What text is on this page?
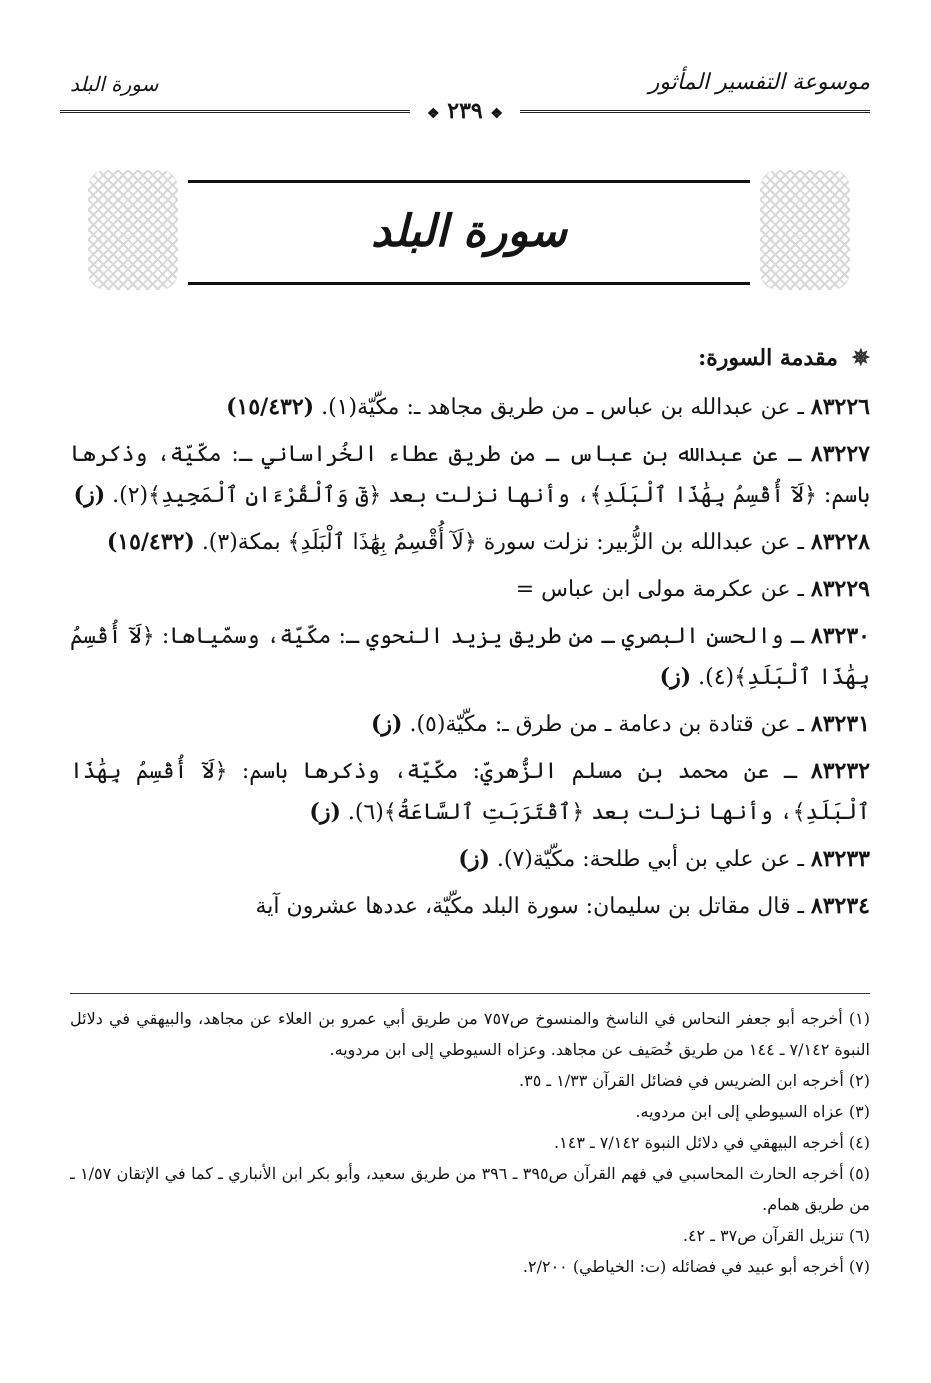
موسوعة التفسير المأثور
سورة البلد
❖ ٢٣٩ ❖
سورة البلد
✵ مقدمة السورة:

٨٣٢٢٦ ـ عن عبدالله بن عباس ـ من طريق مجاهد ـ: مكّيّة(١). (١٥/٤٣٢)

٨٣٢٢٧ ـ عن عبدالله بن عباس ـ من طريق عطاء الخُراساني ـ: مكّيّة، وذكرها باسم: ﴿لَآ أُقْسِمُ بِهَٰذَا ٱلْبَلَدِ﴾، وأنها نزلت بعد ﴿قٓ وَٱلْقُرْءَانِ ٱلْمَجِيدِ﴾(٢). (ز)

٨٣٢٢٨ ـ عن عبدالله بن الزُّبير: نزلت سورة ﴿لَآ أُقْسِمُ بِهَٰذَا ٱلْبَلَدِ﴾ بمكة(٣). (١٥/٤٣٢)

٨٣٢٢٩ ـ عن عكرمة مولى ابن عباس =

٨٣٢٣٠ ـ والحسن البصري ـ من طريق يزيد النحوي ـ: مكّيّة، وسمّياها: ﴿لَآ أُقْسِمُ بِهَٰذَا ٱلْبَلَدِ﴾(٤). (ز)

٨٣٢٣١ ـ عن قتادة بن دعامة ـ من طرق ـ: مكّيّة(٥). (ز)

٨٣٢٣٢ ـ عن محمد بن مسلم الزُّهريّ: مكّيّة، وذكرها باسم: ﴿لَآ أُقْسِمُ بِهَٰذَا ٱلْبَلَدِ﴾، وأنها نزلت بعد ﴿ٱقْتَرَبَتِ ٱلسَّاعَةُ﴾(٦). (ز)

٨٣٢٣٣ ـ عن علي بن أبي طلحة: مكّيّة(٧). (ز)

٨٣٢٣٤ ـ قال مقاتل بن سليمان: سورة البلد مكّيّة، عددها عشرون آية

(١) أخرجه أبو جعفر النحاس في الناسخ والمنسوخ ص٧٥٧ من طريق أبي عمرو بن العلاء عن مجاهد، والبيهقي في دلائل النبوة ٧/١٤٢ ـ ١٤٤ من طريق خُصَيف عن مجاهد. وعزاه السيوطي إلى ابن مردويه.

(٢) أخرجه ابن الضريس في فضائل القرآن ١/٣٣ ـ ٣٥.

(٣) عزاه السيوطي إلى ابن مردويه.

(٤) أخرجه البيهقي في دلائل النبوة ٧/١٤٢ ـ ١٤٣.

(٥) أخرجه الحارث المحاسبي في فهم القرآن ص٣٩٥ ـ ٣٩٦ من طريق سعيد، وأبو بكر ابن الأنباري ـ كما في الإتقان ١/٥٧ ـ من طريق همام.

(٦) تنزيل القرآن ص٣٧ ـ ٤٢.

(٧) أخرجه أبو عبيد في فضائله (ت: الخياطي) ٢/٢٠٠.
